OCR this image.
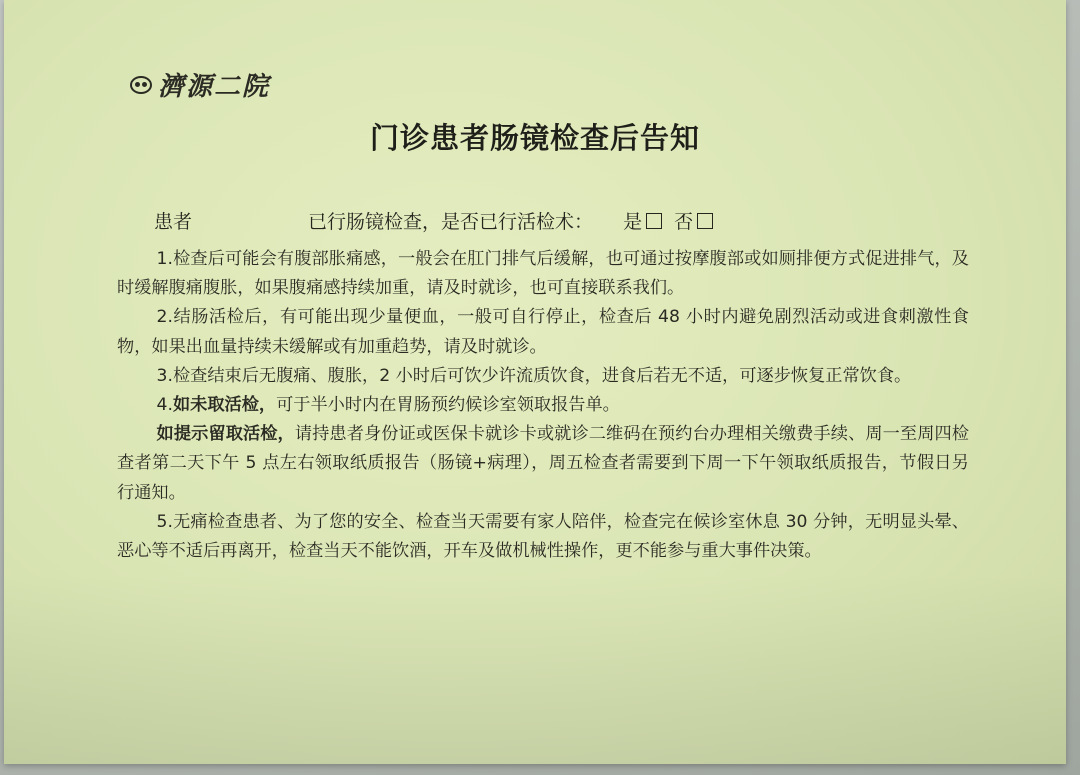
濟源二院
门诊患者肠镜检查后告知
患者	已行肠镜检查，是否已行活检术： 是 否

1.检查后可能会有腹部胀痛感，一般会在肛门排气后缓解，也可通过按摩腹部或如厕排便方式促进排气，及时缓解腹痛腹胀，如果腹痛感持续加重，请及时就诊，也可直接联系我们。

2.结肠活检后，有可能出现少量便血，一般可自行停止，检查后 48 小时内避免剧烈活动或进食刺激性食物，如果出血量持续未缓解或有加重趋势，请及时就诊。

3.检查结束后无腹痛、腹胀，2 小时后可饮少许流质饮食，进食后若无不适，可逐步恢复正常饮食。

4.如未取活检，可于半小时内在胃肠预约候诊室领取报告单。

如提示留取活检，请持患者身份证或医保卡就诊卡或就诊二维码在预约台办理相关缴费手续、周一至周四检查者第二天下午 5 点左右领取纸质报告（肠镜+病理），周五检查者需要到下周一下午领取纸质报告，节假日另行通知。

5.无痛检查患者、为了您的安全、检查当天需要有家人陪伴，检查完在候诊室休息 30 分钟，无明显头晕、恶心等不适后再离开，检查当天不能饮酒，开车及做机械性操作，更不能参与重大事件决策。
